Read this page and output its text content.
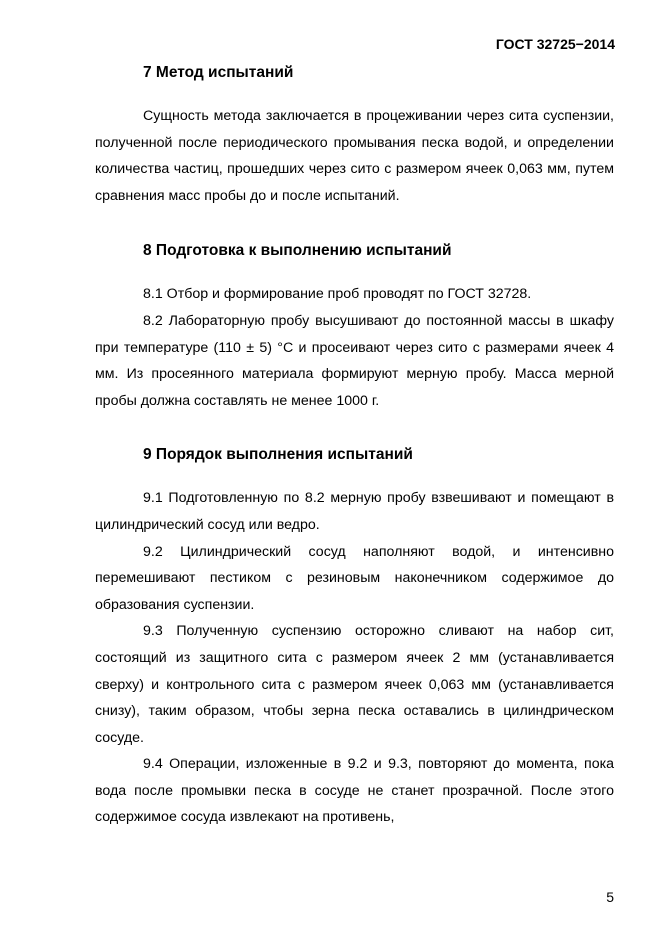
ГОСТ 32725−2014
7 Метод испытаний

Сущность метода заключается в процеживании через сита суспензии, полученной после периодического промывания песка водой, и определении количества частиц, прошедших через сито с размером ячеек 0,063 мм, путем сравнения масс пробы до и после испытаний.

8 Подготовка к выполнению испытаний

8.1 Отбор и формирование проб проводят по ГОСТ 32728.

8.2 Лабораторную пробу высушивают до постоянной массы в шкафу при температуре (110 ± 5) °С и просеивают через сито с размерами ячеек 4 мм. Из просеянного материала формируют мерную пробу. Масса мерной пробы должна составлять не менее 1000 г.

9 Порядок выполнения испытаний

9.1 Подготовленную по 8.2 мерную пробу взвешивают и помещают в цилиндрический сосуд или ведро.

9.2 Цилиндрический сосуд наполняют водой, и интенсивно перемешивают пестиком с резиновым наконечником содержимое до образования суспензии.

9.3 Полученную суспензию осторожно сливают на набор сит, состоящий из защитного сита с размером ячеек 2 мм (устанавливается сверху) и контрольного сита с размером ячеек 0,063 мм (устанавливается снизу), таким образом, чтобы зерна песка оставались в цилиндрическом сосуде.

9.4 Операции, изложенные в 9.2 и 9.3, повторяют до момента, пока вода после промывки песка в сосуде не станет прозрачной. После этого содержимое сосуда извлекают на противень,

5
